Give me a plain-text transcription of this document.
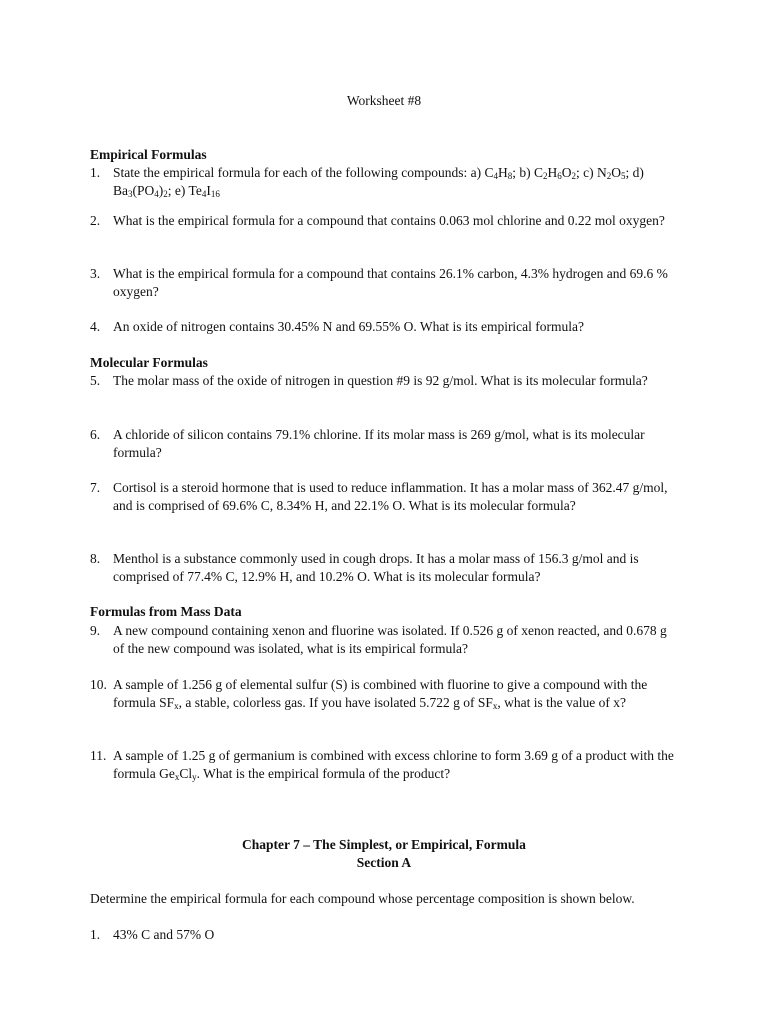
Worksheet #8
Empirical Formulas
1. State the empirical formula for each of the following compounds: a) $C_4H_8$; b) $C_2H_6O_2$; c) $N_2O_5$; d) $Ba_3(PO_4)_2$; e) $Te_4I_{16}$
2. What is the empirical formula for a compound that contains 0.063 mol chlorine and 0.22 mol oxygen?
3. What is the empirical formula for a compound that contains 26.1% carbon, 4.3% hydrogen and 69.6 % oxygen?
4. An oxide of nitrogen contains 30.45% N and 69.55% O. What is its empirical formula?
Molecular Formulas
5. The molar mass of the oxide of nitrogen in question #9 is 92 g/mol. What is its molecular formula?
6. A chloride of silicon contains 79.1% chlorine. If its molar mass is 269 g/mol, what is its molecular formula?
7. Cortisol is a steroid hormone that is used to reduce inflammation. It has a molar mass of 362.47 g/mol, and is comprised of 69.6% C, 8.34% H, and 22.1% O. What is its molecular formula?
8. Menthol is a substance commonly used in cough drops. It has a molar mass of 156.3 g/mol and is comprised of 77.4% C, 12.9% H, and 10.2% O. What is its molecular formula?
Formulas from Mass Data
9. A new compound containing xenon and fluorine was isolated. If 0.526 g of xenon reacted, and 0.678 g of the new compound was isolated, what is its empirical formula?
10. A sample of 1.256 g of elemental sulfur (S) is combined with fluorine to give a compound with the formula $SF_x$, a stable, colorless gas. If you have isolated 5.722 g of $SF_x$, what is the value of x?
11. A sample of 1.25 g of germanium is combined with excess chlorine to form 3.69 g of a product with the formula $Ge_xCl_y$. What is the empirical formula of the product?
Chapter 7 – The Simplest, or Empirical, Formula
Section A
Determine the empirical formula for each compound whose percentage composition is shown below.
1. 43% C and 57% O
